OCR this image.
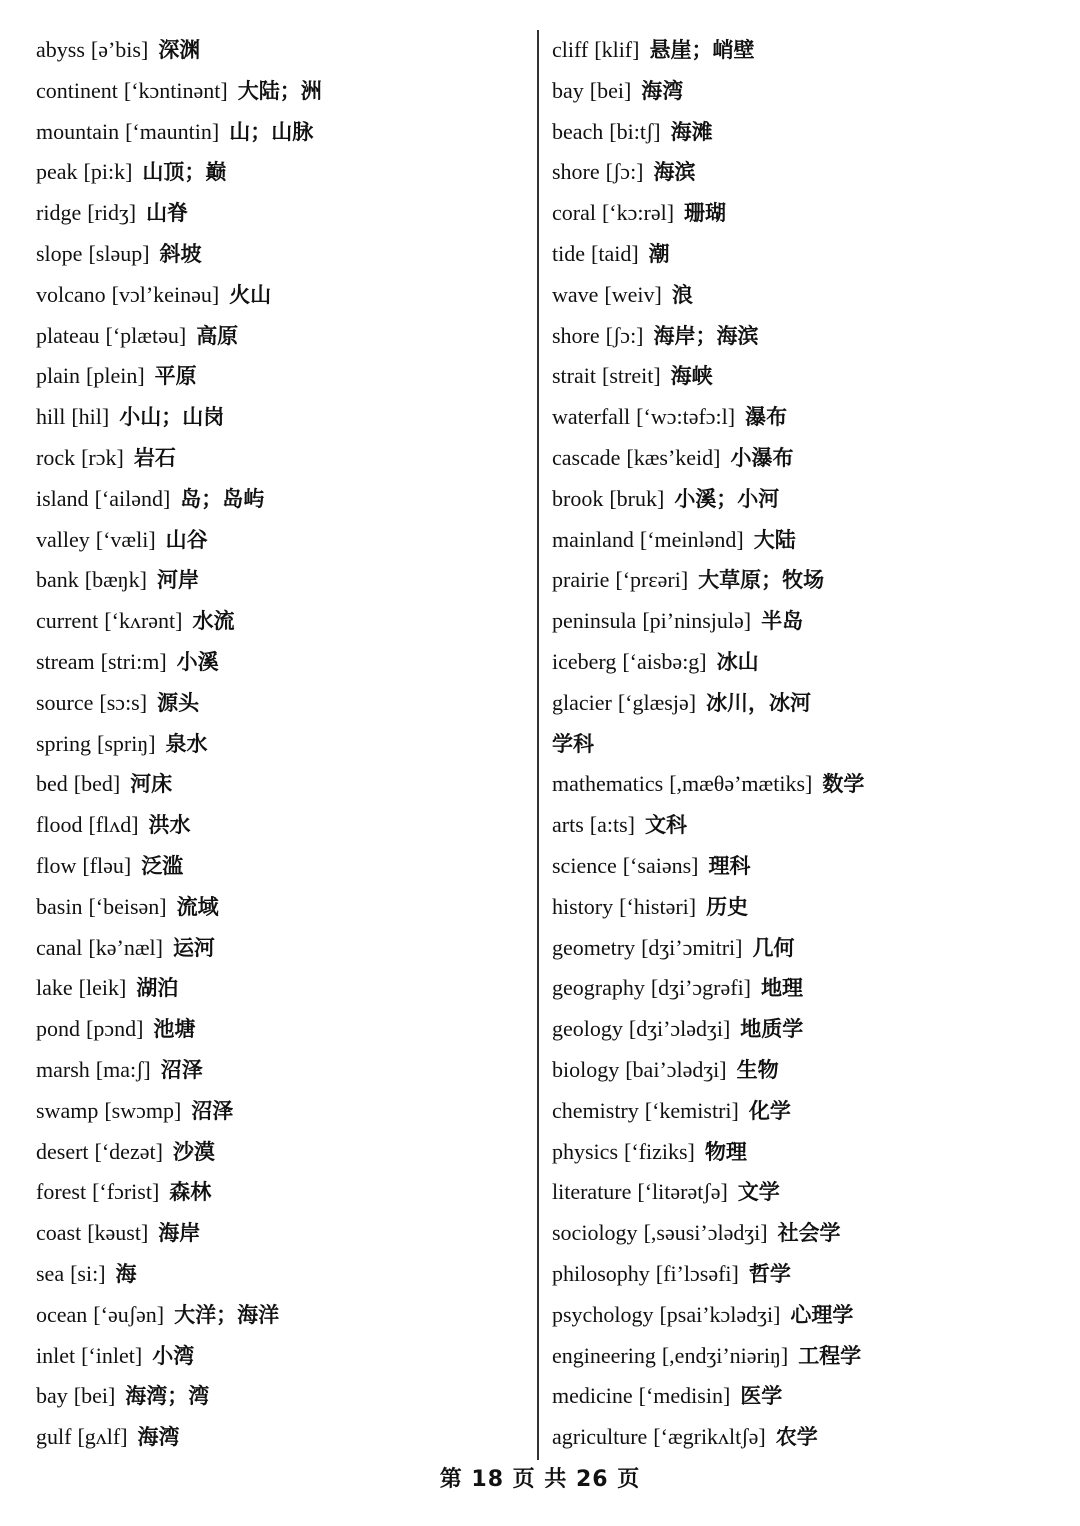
abyss [ə’bis] 深渊
continent [‘kɔntinənt] 大陆；洲
mountain [‘mauntin] 山；山脉
peak [pi:k] 山顶；巅
ridge [ridʒ] 山脊
slope [sləup] 斜坡
volcano [vɔl’keinəu] 火山
plateau [‘plætəu] 高原
plain [plein] 平原
hill [hil] 小山；山岗
rock [rɔk] 岩石
island [‘ailənd] 岛；岛屿
valley [‘væli] 山谷
bank [bæŋk] 河岸
current [‘kʌrənt] 水流
stream [stri:m] 小溪
source [sɔ:s] 源头
spring [spriŋ] 泉水
bed [bed] 河床
flood [flʌd] 洪水
flow [fləu] 泛滥
basin [‘beisən] 流域
canal [kə’næl] 运河
lake [leik] 湖泊
pond [pɔnd] 池塘
marsh [ma:ʃ] 沼泽
swamp [swɔmp] 沼泽
desert [‘dezət] 沙漠
forest [‘fɔrist] 森林
coast [kəust] 海岸
sea [si:] 海
ocean [‘əuʃən] 大洋；海洋
inlet [‘inlet] 小湾
bay [bei] 海湾；湾
gulf [gʌlf] 海湾
cliff [klif] 悬崖；峭壁
bay [bei] 海湾
beach [bi:tʃ] 海滩
shore [ʃɔ:] 海滨
coral [‘kɔ:rəl] 珊瑚
tide [taid] 潮
wave [weiv] 浪
shore [ʃɔ:] 海岸；海滨
strait [streit] 海峡
waterfall [‘wɔ:təfɔ:l] 瀑布
cascade [kæs’keid] 小瀑布
brook [bruk] 小溪；小河
mainland [‘meinlənd] 大陆
prairie [‘prεəri] 大草原；牧场
peninsula [pi’ninsjulə] 半岛
iceberg [‘aisbə:g] 冰山
glacier [‘glæsjə] 冰川，冰河
学科
mathematics [,mæθə’mætiks] 数学
arts [a:ts] 文科
science [‘saiəns] 理科
history [‘histəri] 历史
geometry [dʒi’ɔmitri] 几何
geography [dʒi’ɔgrəfi] 地理
geology [dʒi’ɔlədʒi] 地质学
biology [bai’ɔlədʒi] 生物
chemistry [‘kemistri] 化学
physics [‘fiziks] 物理
literature [‘litərətʃə] 文学
sociology [,səusi’ɔlədʒi] 社会学
philosophy [fi’lɔsəfi] 哲学
psychology [psai’kɔlədʒi] 心理学
engineering [,endʒi’niəriŋ] 工程学
medicine [‘medisin] 医学
agriculture [‘ægrikʌltʃə] 农学
第 18 页 共 26 页
